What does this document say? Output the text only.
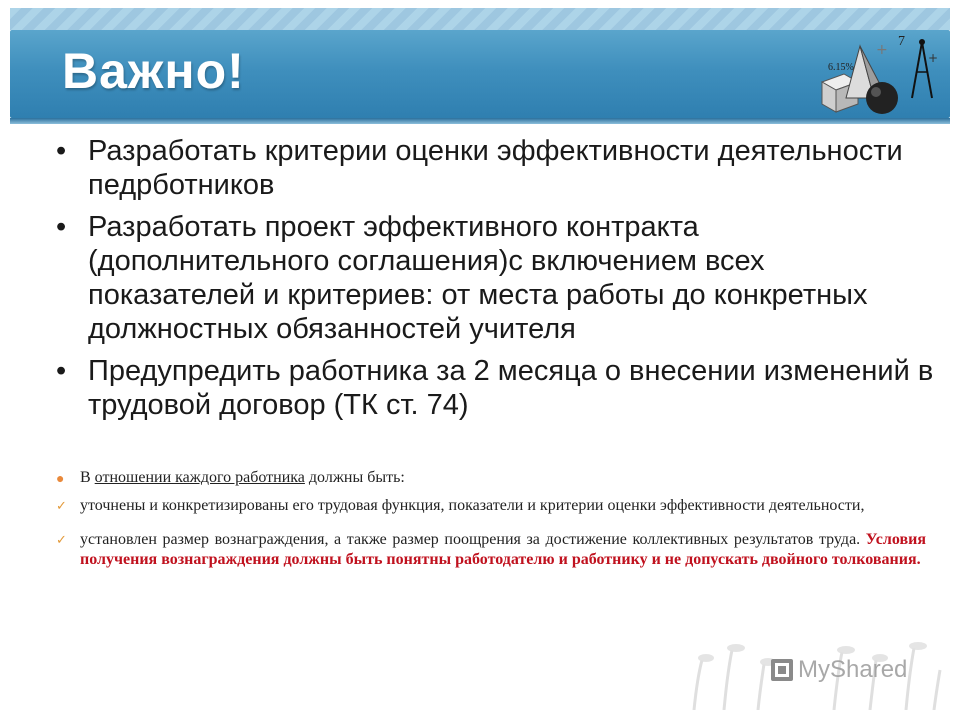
Важно!	+	+
6.15%
7
• Разработать критерии оценки эффективности деятельности педрботников
• Разработать проект эффективного контракта (дополнительного соглашения)с включением всех показателей и критериев: от места работы до конкретных должностных обязанностей учителя
• Предупредить работника за 2 месяца о внесении изменений в трудовой договор (ТК ст. 74)
● В отношении каждого работника должны быть:
✓ уточнены и конкретизированы его трудовая функция, показатели и критерии оценки эффективности деятельности,
✓ установлен размер вознаграждения, а также размер поощрения за достижение коллективных результатов труда. Условия получения вознаграждения должны быть понятны работодателю и работнику и не допускать двойного толкования.
MyShared
